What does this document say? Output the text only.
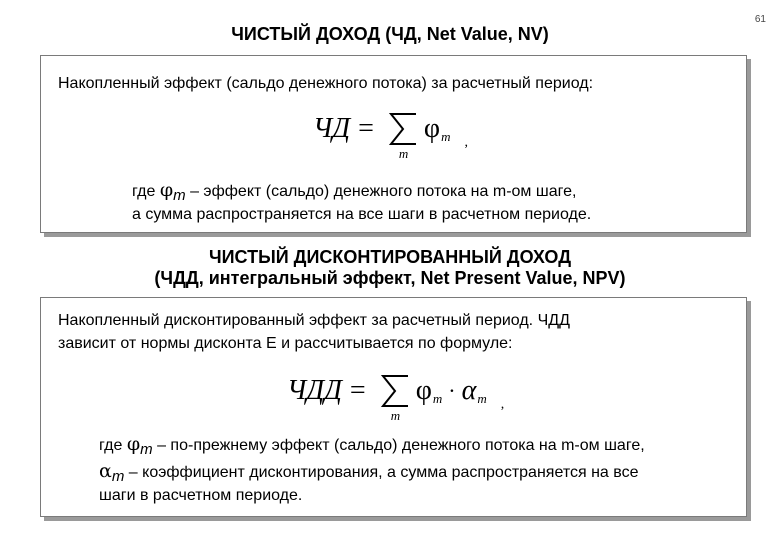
61
ЧИСТЫЙ ДОХОД (ЧД, Net Value, NV)
Накопленный эффект (сальдо денежного потока) за расчетный период:
ЧД =
m
φ m ,
где φm – эффект (сальдо) денежного потока на m-ом шаге,
а сумма распространяется на все шаги в расчетном периоде.
ЧИСТЫЙ ДИСКОНТИРОВАННЫЙ ДОХОД
(ЧДД, интегральный эффект, Net Present Value, NPV)
Накопленный дисконтированный эффект за расчетный период. ЧДД
зависит от нормы дисконта E и рассчитывается по формуле:
ЧДД =
m
φ m · α m ,
где φm – по-прежнему эффект (сальдо) денежного потока на m-ом шаге,
αm – коэффициент дисконтирования, а сумма распространяется на все
шаги в расчетном периоде.
